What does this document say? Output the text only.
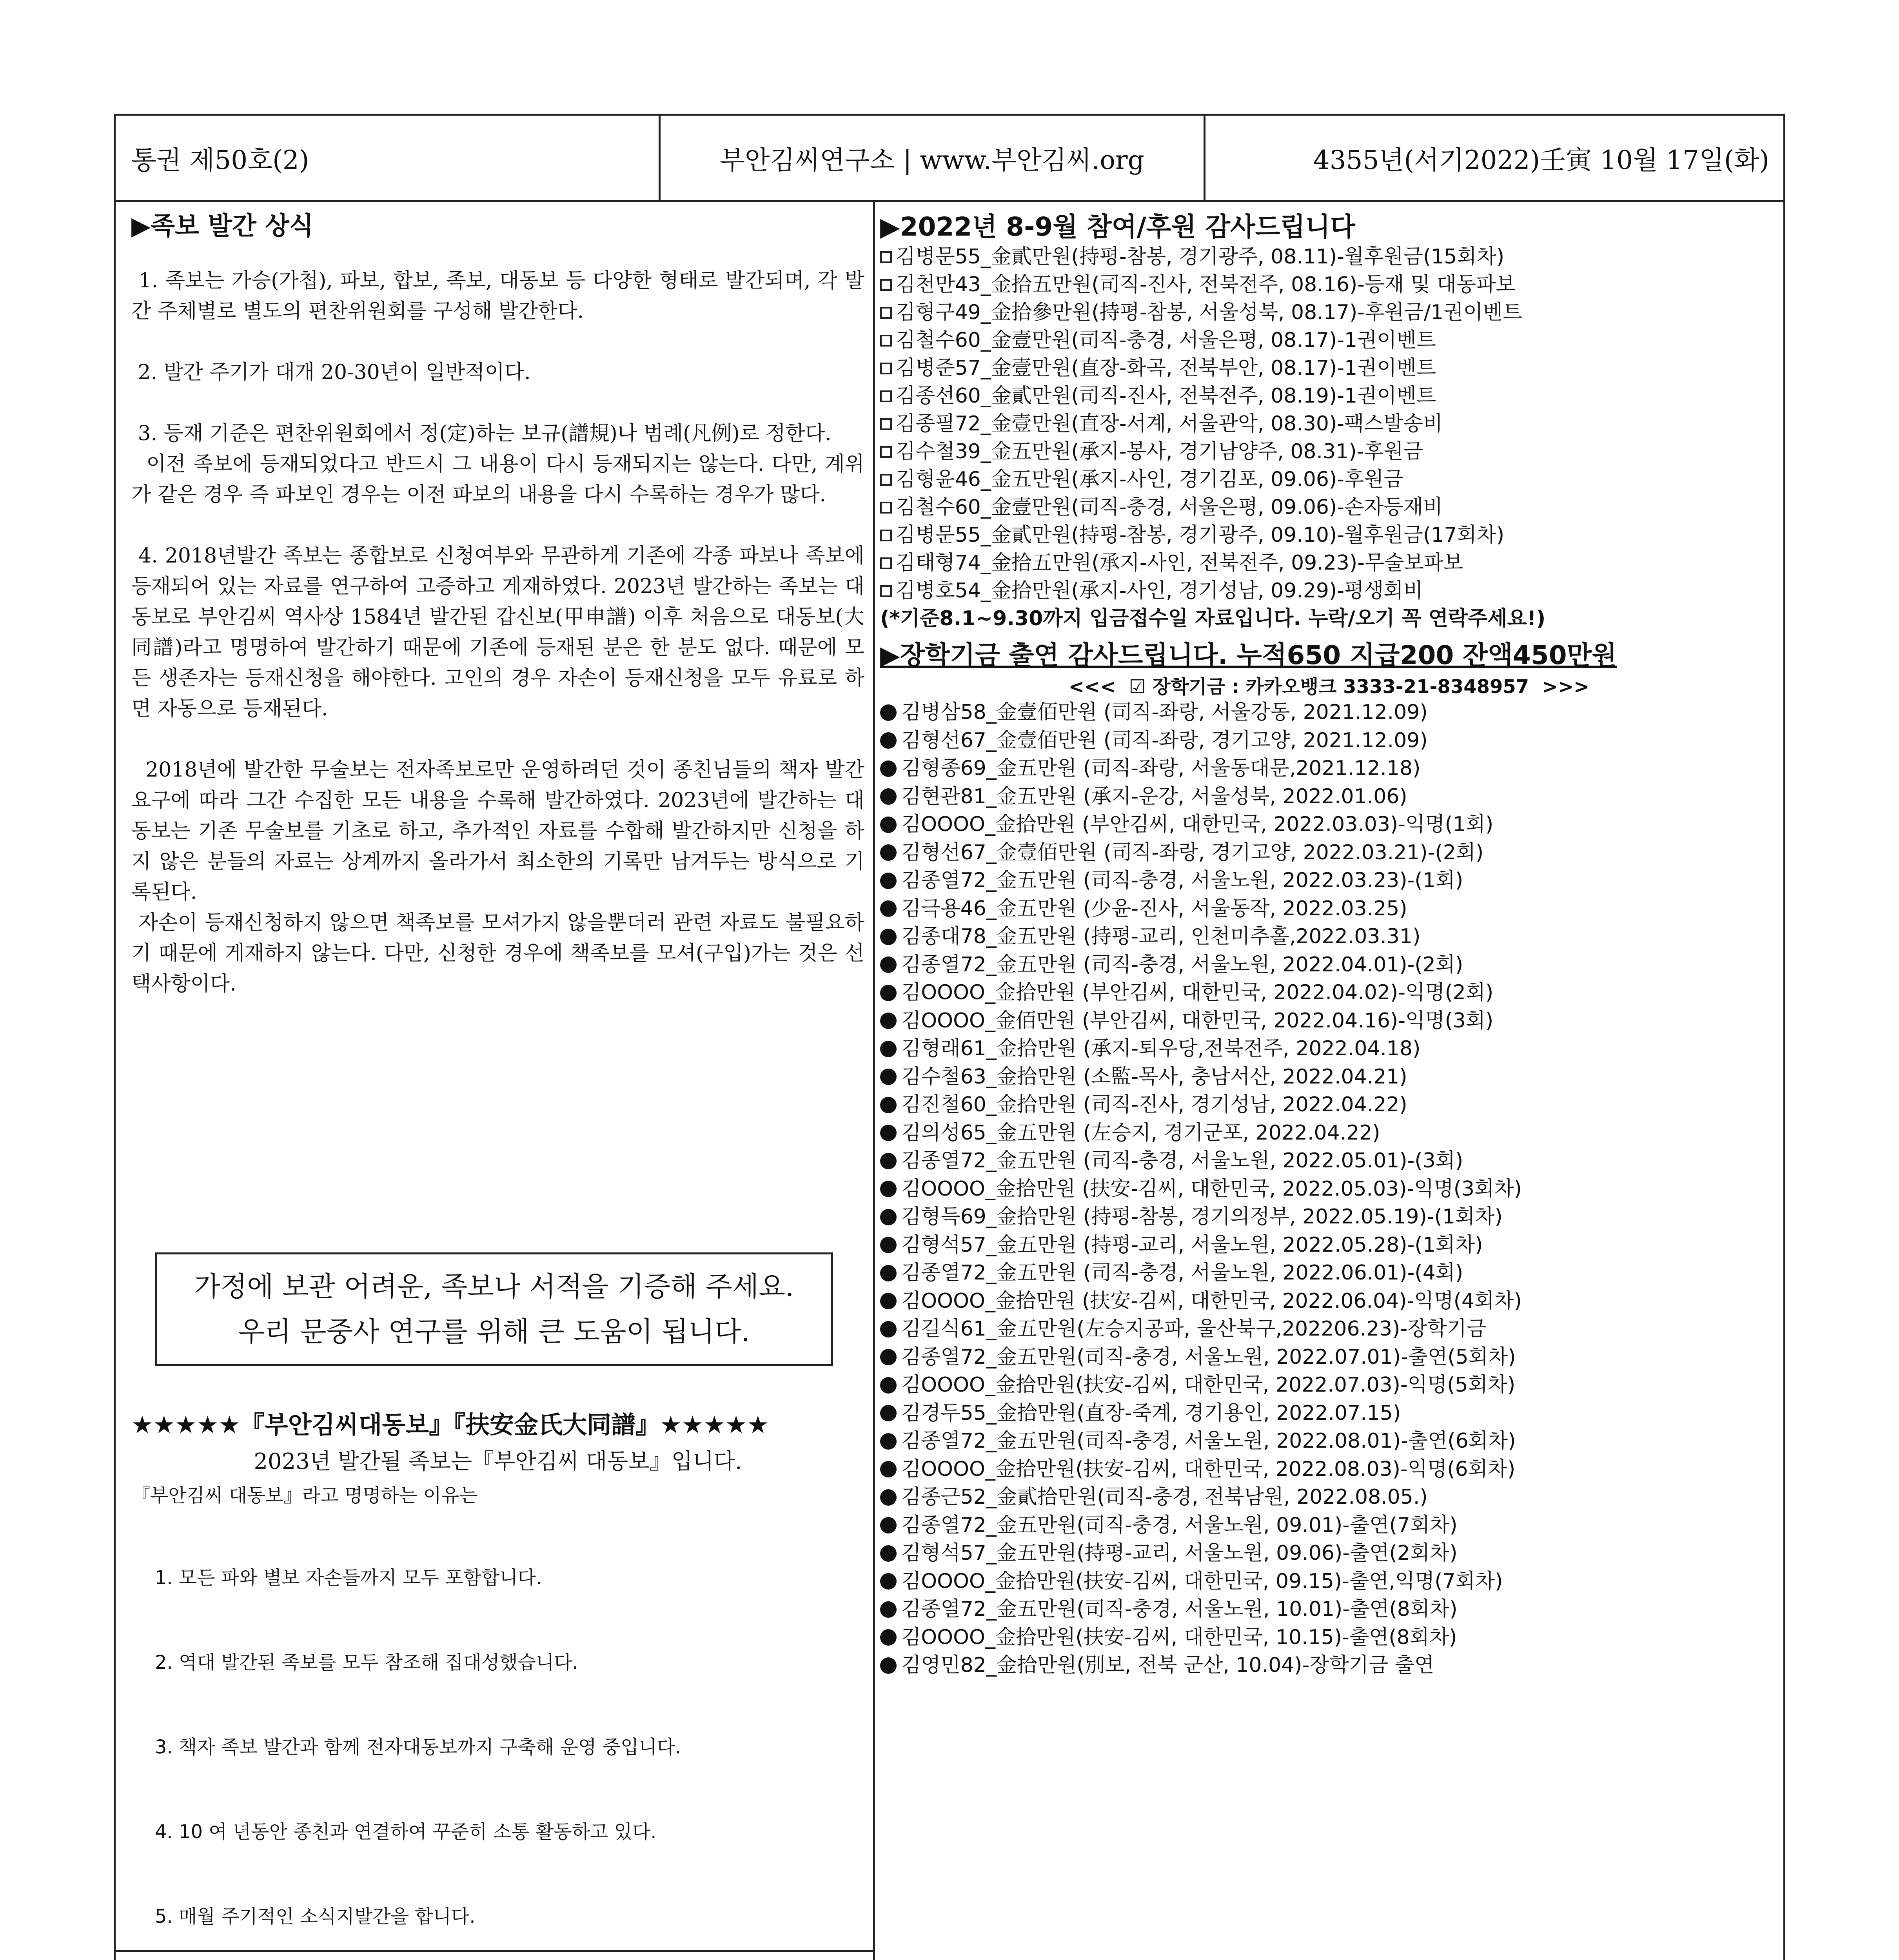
통권 제50호(2)	부안김씨연구소 | www.부안김씨.org	4355년(서기2022)壬寅 10월 17일(화)
▶족보 발간 상식

1. 족보는 가승(가첩), 파보, 합보, 족보, 대동보 등 다양한 형태로 발간되며, 각 발간 주체별로 별도의 편찬위원회를 구성해 발간한다.

2. 발간 주기가 대개 20-30년이 일반적이다.

3. 등재 기준은 편찬위원회에서 정(定)하는 보규(譜規)나 범례(凡例)로 정한다.
이전 족보에 등재되었다고 반드시 그 내용이 다시 등재되지는 않는다. 다만, 계위가 같은 경우 즉 파보인 경우는 이전 파보의 내용을 다시 수록하는 경우가 많다.

4. 2018년발간 족보는 종합보로 신청여부와 무관하게 기존에 각종 파보나 족보에 등재되어 있는 자료를 연구하여 고증하고 게재하였다. 2023년 발간하는 족보는 대동보로 부안김씨 역사상 1584년 발간된 갑신보(甲申譜) 이후 처음으로 대동보(大同譜)라고 명명하여 발간하기 때문에 기존에 등재된 분은 한 분도 없다. 때문에 모든 생존자는 등재신청을 해야한다. 고인의 경우 자손이 등재신청을 모두 유료로 하면 자동으로 등재된다.

2018년에 발간한 무술보는 전자족보로만 운영하려던 것이 종친님들의 책자 발간 요구에 따라 그간 수집한 모든 내용을 수록해 발간하였다. 2023년에 발간하는 대동보는 기존 무술보를 기초로 하고, 추가적인 자료를 수합해 발간하지만 신청을 하지 않은 분들의 자료는 상계까지 올라가서 최소한의 기록만 남겨두는 방식으로 기록된다.
자손이 등재신청하지 않으면 책족보를 모셔가지 않을뿐더러 관련 자료도 불필요하기 때문에 게재하지 않는다. 다만, 신청한 경우에 책족보를 모셔(구입)가는 것은 선택사항이다.

가정에 보관 어려운, 족보나 서적을 기증해 주세요.
우리 문중사 연구를 위해 큰 도움이 됩니다.
★★★★★『부안김씨대동보』『扶安金氏大同譜』★★★★★
2023년 발간될 족보는『부안김씨 대동보』입니다.
『부안김씨 대동보』라고 명명하는 이유는

1. 모든 파와 별보 자손들까지 모두 포함합니다.

2. 역대 발간된 족보를 모두 참조해 집대성했습니다.

3. 책자 족보 발간과 함께 전자대동보까지 구축해 운영 중입니다.

4. 10 여 년동안 종친과 연결하여 꾸준히 소통 활동하고 있다.

5. 매월 주기적인 소식지발간을 합니다.

▶2022년 8-9월 참여/후원 감사드립니다
김병문55_金貳만원(持평-참봉, 경기광주, 08.11)-월후원금(15회차)
김천만43_金拾五만원(司직-진사, 전북전주, 08.16)-등재 및 대동파보
김형구49_金拾參만원(持평-참봉, 서울성북, 08.17)-후원금/1권이벤트
김철수60_金壹만원(司직-충경, 서울은평, 08.17)-1권이벤트
김병준57_金壹만원(直장-화곡, 전북부안, 08.17)-1권이벤트
김종선60_金貳만원(司직-진사, 전북전주, 08.19)-1권이벤트
김종필72_金壹만원(直장-서계, 서울관악, 08.30)-팩스발송비
김수철39_金五만원(承지-봉사, 경기남양주, 08.31)-후원금
김형윤46_金五만원(承지-사인, 경기김포, 09.06)-후원금
김철수60_金壹만원(司직-충경, 서울은평, 09.06)-손자등재비
김병문55_金貳만원(持평-참봉, 경기광주, 09.10)-월후원금(17회차)
김태형74_金拾五만원(承지-사인, 전북전주, 09.23)-무술보파보
김병호54_金拾만원(承지-사인, 경기성남, 09.29)-평생회비
(*기준8.1~9.30까지 입금접수일 자료입니다. 누락/오기 꼭 연락주세요!)
▶장학기금 출연 감사드립니다. 누적650 지급200 잔액450만원
<<<  ☑ 장학기금 : 카카오뱅크 3333-21-8348957  >>>
김병삼58_金壹佰만원 (司직-좌랑, 서울강동, 2021.12.09)
김형선67_金壹佰만원 (司직-좌랑, 경기고양, 2021.12.09)
김형종69_金五만원 (司직-좌랑, 서울동대문,2021.12.18)
김현관81_金五만원 (承지-운강, 서울성북, 2022.01.06)
김OOOO_金拾만원 (부안김씨, 대한민국, 2022.03.03)-익명(1회)
김형선67_金壹佰만원 (司직-좌랑, 경기고양, 2022.03.21)-(2회)
김종열72_金五만원 (司직-충경, 서울노원, 2022.03.23)-(1회)
김극용46_金五만원 (少윤-진사, 서울동작, 2022.03.25)
김종대78_金五만원 (持평-교리, 인천미추홀,2022.03.31)
김종열72_金五만원 (司직-충경, 서울노원, 2022.04.01)-(2회)
김OOOO_金拾만원 (부안김씨, 대한민국, 2022.04.02)-익명(2회)
김OOOO_金佰만원 (부안김씨, 대한민국, 2022.04.16)-익명(3회)
김형래61_金拾만원 (承지-퇴우당,전북전주, 2022.04.18)
김수철63_金拾만원 (소監-목사, 충남서산, 2022.04.21)
김진철60_金拾만원 (司직-진사, 경기성남, 2022.04.22)
김의성65_金五만원 (左승지, 경기군포, 2022.04.22)
김종열72_金五만원 (司직-충경, 서울노원, 2022.05.01)-(3회)
김OOOO_金拾만원 (扶安-김씨, 대한민국, 2022.05.03)-익명(3회차)
김형득69_金拾만원 (持평-참봉, 경기의정부, 2022.05.19)-(1회차)
김형석57_金五만원 (持평-교리, 서울노원, 2022.05.28)-(1회차)
김종열72_金五만원 (司직-충경, 서울노원, 2022.06.01)-(4회)
김OOOO_金拾만원 (扶安-김씨, 대한민국, 2022.06.04)-익명(4회차)
김길식61_金五만원(左승지공파, 울산북구,202206.23)-장학기금
김종열72_金五만원(司직-충경, 서울노원, 2022.07.01)-출연(5회차)
김OOOO_金拾만원(扶安-김씨, 대한민국, 2022.07.03)-익명(5회차)
김경두55_金拾만원(直장-죽계, 경기용인, 2022.07.15)
김종열72_金五만원(司직-충경, 서울노원, 2022.08.01)-출연(6회차)
김OOOO_金拾만원(扶安-김씨, 대한민국, 2022.08.03)-익명(6회차)
김종근52_金貳拾만원(司직-충경, 전북남원, 2022.08.05.)
김종열72_金五만원(司직-충경, 서울노원, 09.01)-출연(7회차)
김형석57_金五만원(持평-교리, 서울노원, 09.06)-출연(2회차)
김OOOO_金拾만원(扶安-김씨, 대한민국, 09.15)-출연,익명(7회차)
김종열72_金五만원(司직-충경, 서울노원, 10.01)-출연(8회차)
김OOOO_金拾만원(扶安-김씨, 대한민국, 10.15)-출연(8회차)
김영민82_金拾만원(別보, 전북 군산, 10.04)-장학기금 출연
